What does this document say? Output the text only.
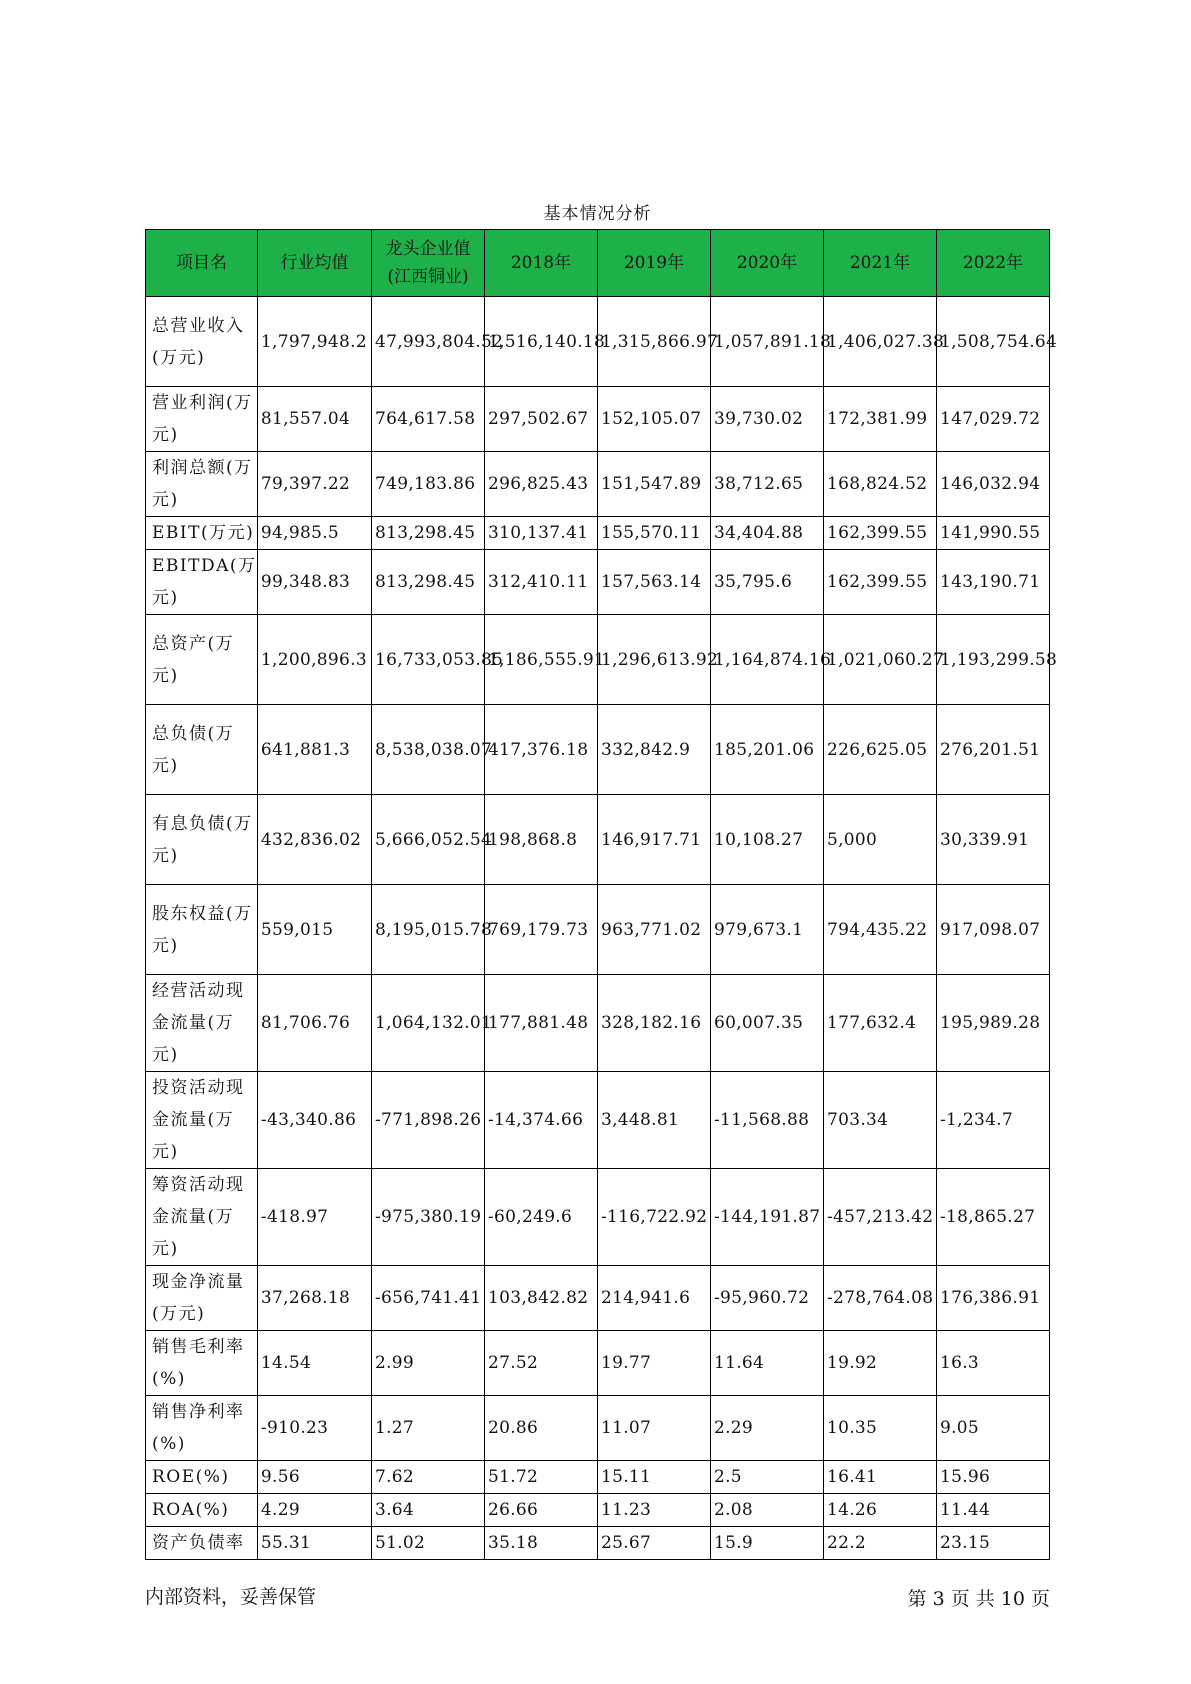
基本情况分析
项目名	行业均值	龙头企业值(江西铜业)	2018年	2019年	2020年	2021年	2022年
总营业收入(万元)	1,797,948.2	47,993,804.52	1,516,140.18	1,315,866.97	1,057,891.18	1,406,027.38	1,508,754.64
营业利润(万元)	81,557.04	764,617.58	297,502.67	152,105.07	39,730.02	172,381.99	147,029.72
利润总额(万元)	79,397.22	749,183.86	296,825.43	151,547.89	38,712.65	168,824.52	146,032.94
EBIT(万元)	94,985.5	813,298.45	310,137.41	155,570.11	34,404.88	162,399.55	141,990.55
EBITDA(万元)	99,348.83	813,298.45	312,410.11	157,563.14	35,795.6	162,399.55	143,190.71
总资产(万元)	1,200,896.3	16,733,053.85	1,186,555.91	1,296,613.92	1,164,874.16	1,021,060.27	1,193,299.58
总负债(万元)	641,881.3	8,538,038.07	417,376.18	332,842.9	185,201.06	226,625.05	276,201.51
有息负债(万元)	432,836.02	5,666,052.54	198,868.8	146,917.71	10,108.27	5,000	30,339.91
股东权益(万元)	559,015	8,195,015.78	769,179.73	963,771.02	979,673.1	794,435.22	917,098.07
经营活动现金流量(万元)	81,706.76	1,064,132.01	177,881.48	328,182.16	60,007.35	177,632.4	195,989.28
投资活动现金流量(万元)	-43,340.86	-771,898.26	-14,374.66	3,448.81	-11,568.88	703.34	-1,234.7
筹资活动现金流量(万元)	-418.97	-975,380.19	-60,249.6	-116,722.92	-144,191.87	-457,213.42	-18,865.27
现金净流量(万元)	37,268.18	-656,741.41	103,842.82	214,941.6	-95,960.72	-278,764.08	176,386.91
销售毛利率(%)	14.54	2.99	27.52	19.77	11.64	19.92	16.3
销售净利率(%)	-910.23	1.27	20.86	11.07	2.29	10.35	9.05
ROE(%)	9.56	7.62	51.72	15.11	2.5	16.41	15.96
ROA(%)	4.29	3.64	26.66	11.23	2.08	14.26	11.44
资产负债率	55.31	51.02	35.18	25.67	15.9	22.2	23.15
内部资料，妥善保管	第 3 页 共 10 页
